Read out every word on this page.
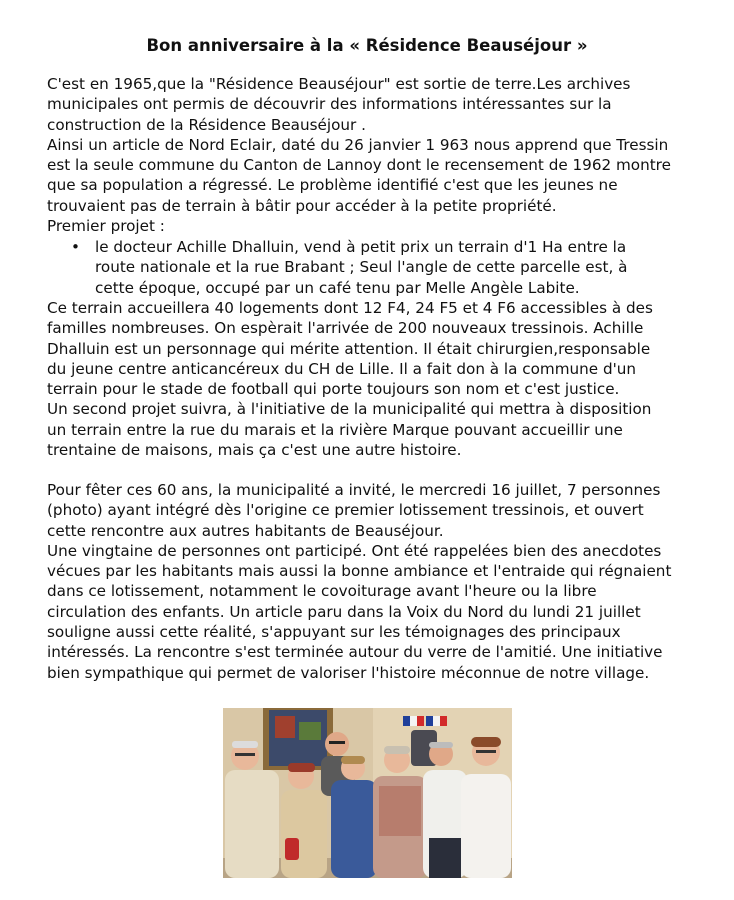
Bon anniversaire à la « Résidence Beauséjour »
C'est en 1965,que la "Résidence Beauséjour" est sortie de terre.Les archives
municipales ont permis de découvrir des informations intéressantes sur la
construction de la Résidence Beauséjour .
Ainsi un article de Nord Eclair, daté du 26 janvier 1 963 nous apprend que Tressin
est la seule commune du Canton de Lannoy dont le recensement de 1962 montre
que sa population a régressé. Le problème identifié c'est que les jeunes ne
trouvaient pas de terrain à bâtir pour accéder à la petite propriété.
Premier projet :
• le docteur Achille Dhalluin, vend à petit prix un terrain d'1 Ha entre la
route nationale et la rue Brabant ; Seul l'angle de cette parcelle est, à
cette époque, occupé par un café tenu par Melle Angèle Labite.
Ce terrain accueillera 40 logements dont 12 F4, 24 F5 et 4 F6 accessibles à des
familles nombreuses. On espèrait l'arrivée de 200 nouveaux tressinois. Achille
Dhalluin est un personnage qui mérite attention. Il était chirurgien,responsable
du jeune centre anticancéreux du CH de Lille. Il a fait don à la commune d'un
terrain pour le stade de football qui porte toujours son nom et c'est justice.
Un second projet suivra, à l'initiative de la municipalité qui mettra à disposition
un terrain entre la rue du marais et la rivière Marque pouvant accueillir une
trentaine de maisons, mais ça c'est une autre histoire.
Pour fêter ces 60 ans, la municipalité a invité, le mercredi 16 juillet, 7 personnes
(photo) ayant intégré dès l'origine ce premier lotissement tressinois, et ouvert
cette rencontre aux autres habitants de Beauséjour.
Une vingtaine de personnes ont participé. Ont été rappelées bien des anecdotes
vécues par les habitants mais aussi la bonne ambiance et l'entraide qui régnaient
dans ce lotissement, notamment le covoiturage avant l'heure ou la libre
circulation des enfants. Un article paru dans la Voix du Nord du lundi 21 juillet
souligne aussi cette réalité, s'appuyant sur les témoignages des principaux
intéressés. La rencontre s'est terminée autour du verre de l'amitié. Une initiative
bien sympathique qui permet de valoriser l'histoire méconnue de notre village.
